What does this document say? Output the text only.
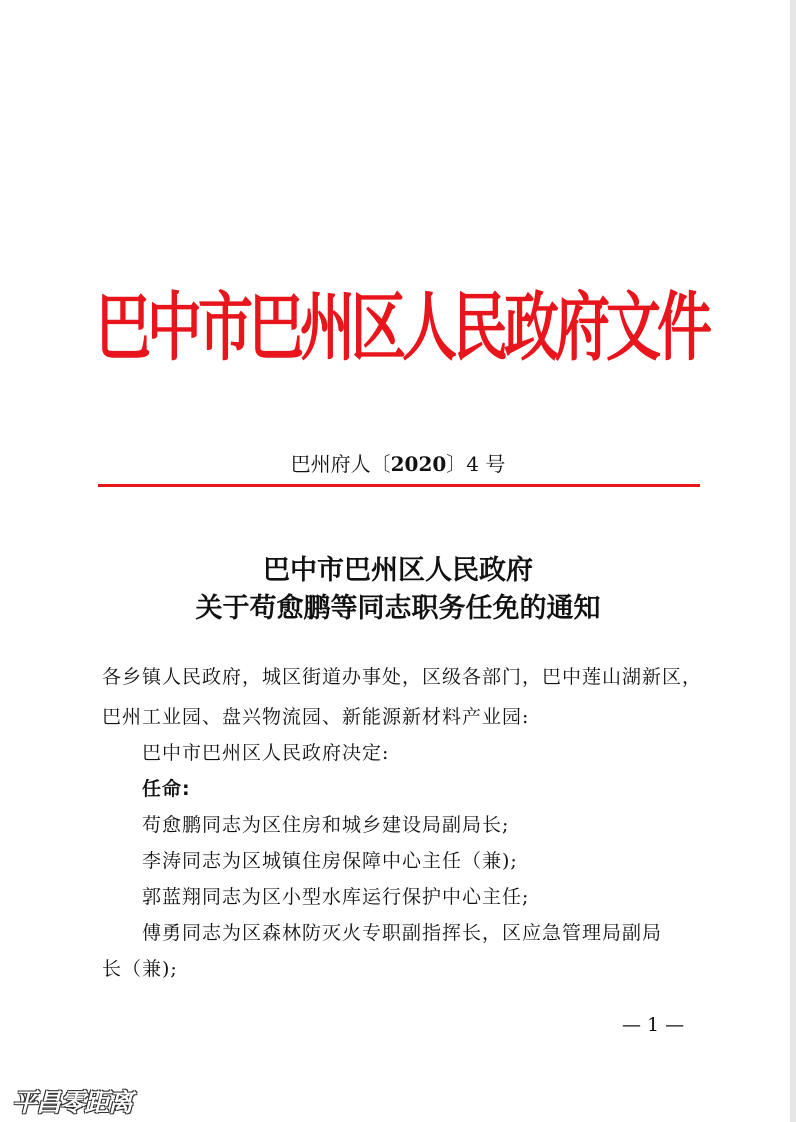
巴中市巴州区人民政府文件
巴州府人〔2020〕4 号
巴中市巴州区人民政府
关于苟愈鹏等同志职务任免的通知
各乡镇人民政府，城区街道办事处，区级各部门，巴中莲山湖新区，
巴州工业园、盘兴物流园、新能源新材料产业园:
巴中市巴州区人民政府决定:
任命:
苟愈鹏同志为区住房和城乡建设局副局长;
李涛同志为区城镇住房保障中心主任（兼);
郭蓝翔同志为区小型水库运行保护中心主任;
傅勇同志为区森林防灭火专职副指挥长，区应急管理局副局
长（兼);
— 1 —
平昌零距离
